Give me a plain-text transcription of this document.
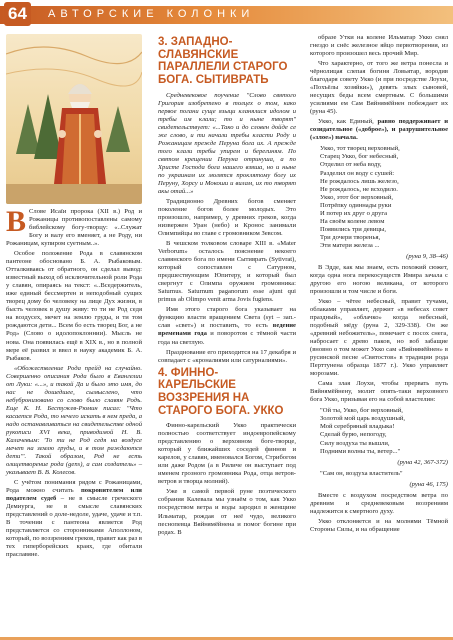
64	АВТОРСКИЕ КОЛОНКИ

В Слове Исаїи пророка (XII в.) Род и Рожаницы противопоставлены самому библейскому богу-творцу: «..Служат Богу и валу его вменяет, а не Роду, ни Рожаницам, купиром суетным..».

Особое положение Рода в славянском пантеоне обосновано Б. А. Рыбаковым. Отталкиваясь от обратного, он сделал вывод: известный выход об исключительной роли Рода у славян, опираясь на текст: «..Вседержитель, иже единый бессмертен и неподобный сущих творец дому бо человеку на лице Дух жизни, в быстъ человек в душу живу: то ти не Род седя на воздусех, мечет на землю груды, и ти том рождаются дети... Всем бо есть творец Бог, а не Род» (Слово о идолопоклоннии). Мысль не нова. Она появилась ещё в XIX в., но в полной мере её развил и ввел в науку академик Б. А. Рыбаков.

«Обожествление Рода прейд на случайно. Совершенно описания Рода было в Евангелии от Луки: «...», и такой Да и было это имя, до нас не дошедшее, сымыслено, что небубронизовано со слово было славян Родъ. Еще К. Н. Бестужев-Рюмин писал: "Что касается Рода, то нечего искать в нем преда, а надо останавливаться на свидетельстве одной рукописи XVI века, приводимой Н. В. Калачевым: 'То ти не Род седя на воздусе мечет на землю груды, и в том раждаются дети'". Такой образом, Род не есть олицетворение рода (gens), а сам создатель» – указывает В. В. Колесов.

С учётом понимания рядом с Рожаницами, Рода можно считать покровителем или подателем судеб – не в смысле греческого Демиурга, не в смысле славянских представлений о доле-недоле, удаче, удаче и т.п. В точении с пантеона является Род представляется со сторонниками Аполлоном, который, по воззрениям греков, правит как раз в тех гиперборейских краях, где обитали праславяне.

3. ЗАПАДНО-СЛАВЯНСКИЕ ПАРАЛЛЕЛИ СТАРОГО БОГА. СЫТИВРАТЬ

Средневековое поучение "Слово святого Григория изобретено в толцех о том, како первое погани суще языци кланялися идолом и требы им клали; то и ныне творят" свидетельствует: «...Тако и до словен дойде се же слово, и ти начали требы класти Роду и Рожаницам прежде Перуна бога их. А прежде того клали требы упирем и берегиням. По святом крещении Перуна отринуша, а по Христе Господа бога нашего взяша, но и ныне по украинам их молятся проклятому богу их Перуну, Хорсу и Мокоши и вилам, их то творят акы отай...»

Традиционно Древних богов сменяет поколение богов более молодых. Это произошло, например, у древних греков, когда низвержен Уран (небо) и Кронос занимали Олимпийцы во главе с громовником Зевсом.

В чешском толковом словаре XIII в. «Mater Verborum» осталось пояснение некоего славянского бога по имени Сытиврать (Sytivrat), который сопоставлен с Сатурном, предшествующим Юпитеру, и который был свергнут с Олимпа оружием громовника: Saturnus. Saturnum paganorum esse ajunt qui primus ab Olimpo venit arma Jovis fugiens.

Имя этого старого бога указывает на функцию власти вращением Света (syt – зап.-слав «свет») и поставить, то есть ведение временами года и поворотом с тёмной части года на светлую.

Празднование его приходится на 17 декабря и совпадает с «кроналиями или сатурналиями».

4. ФИННО-КАРЕЛЬСКИЕ ВОЗЗРЕНИЯ НА СТАРОГО БОГА. УККО

Финно-карельский Укко практически полностью соответствует индоевропейскому представлению о верховном боге-творце, который у ближайших соседей финнов и карелов, у славян, именовался Богом, Стрибогом или даже Родом (а в Риличе он выступает под именем грозного громовника Рода, отца ветров-ветров и творца молний).

Уже в самой первой руне поэтического собрания Калевала мы узнаём о том, как Укко посредством ветра и воды зародил в женщине Ильматар, рождая от неё чудо, великого песнопевца Вяйнямёйнена и помог богине при родах. В

образе Утки на колене Ильматар Укко снял гнездо и снёс железное яйцо первотворения, из которого произошел весь прочий Мир.

Что характерно, от того же ветра понесла и чёрнолицая слепая богиня Ловьятар, вородив благодаря совету Укко (и при посредстве Лоухи, «Похъёлы хозяйки»), девять злых сыновей, несущих беды всем смертным. С большими усилиями ем Сам Вяйнямёйнен побеждает их (руна 45).

Укко, как Единый, равно поддерживает и созидательное («доброе»), и разрушительное («злое») начала.

Укко, тот творец верховный,
Старец Укко, бог небесный,
Отделил от неба воду,
Разделил он воду с сушей:
Не рождалось лишь железо,
Не рождалось, не всходило.
Укко, этот бог верховный,
Потрёпку одиннады руки
И потер их друг о друга
На своём колене левом
Появились три девицы,
Три дочери творенья,
Эти матери железа ...
(руна 9, 38–46)

В Эдде, как мы знаем, есть похожий сюжет, когда одна нога перекосуществ Имира зачала с другою его ногою великана, от которого произошли и том числе и боги.

Укко – чётее небесный, правит тучами, облаками управляет, держит «в небесах совет праздный», «облачко» когда небесный, подобный мёду (руна 2, 329-338). Он же «древний небожитель», помечает с посох снега, набросает с древо паков, но воб забащие (вновно о том может Укко сам «Вяйнямёйнен» в русинской песне «Святостов» в традиции рода Перттунена образца 1877 г.). Укко управляет морозами.

Сама злая Лоухи, чтобы прервать путь Вяйнямёйнену, молит опять-таки верховного бога Укко, призывая его на собой властелин:

"Ой ты, Укко, бог верховный,
Золотой мой царь воздушный,
Мой серебряный владыка!
Сделай бурю, непогоду,
Силу воздуха ты вышли,
Подними волны ты, ветер..."
(руна 42, 367-372)
"Сам он, воздуха властитель"
(руна 46, 175)

Вместе с воздухом посредством ветра по древним и средневековым воззрениям надлежится к смертного духу.

Укко отклоняется и на молнями Тёмной Стороны Силы, и на обращение
